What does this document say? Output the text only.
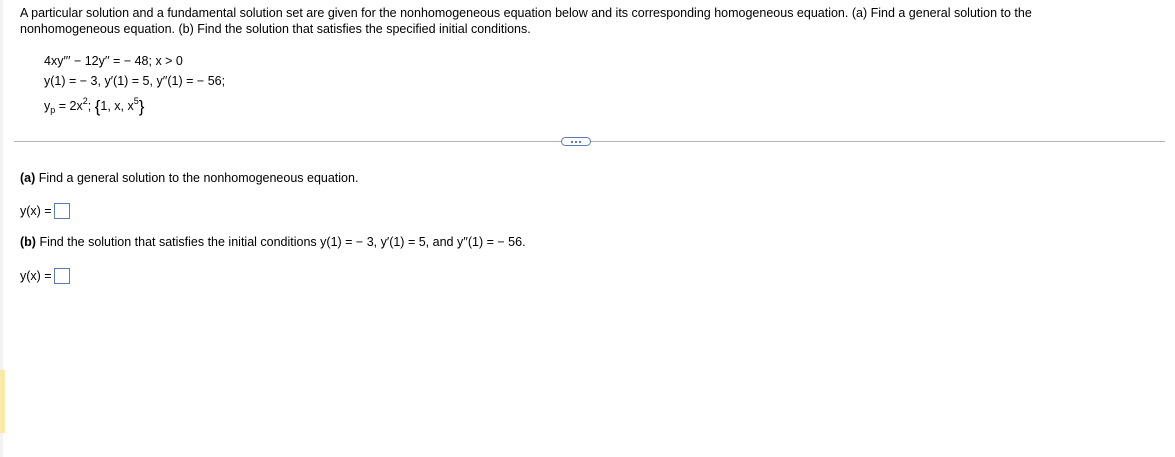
A particular solution and a fundamental solution set are given for the nonhomogeneous equation below and its corresponding homogeneous equation. (a) Find a general solution to the
nonhomogeneous equation. (b) Find the solution that satisfies the specified initial conditions.
4xy′′′ − 12y′′ = − 48; x > 0
y(1) = − 3, y′(1) = 5, y′′(1) = − 56;
$y_p = 2x^2$; {1, x, $x^5$}
(a) Find a general solution to the nonhomogeneous equation.
y(x) =
(b) Find the solution that satisfies the initial conditions y(1) = − 3, y′(1) = 5, and y′′(1) = − 56.
y(x) =
